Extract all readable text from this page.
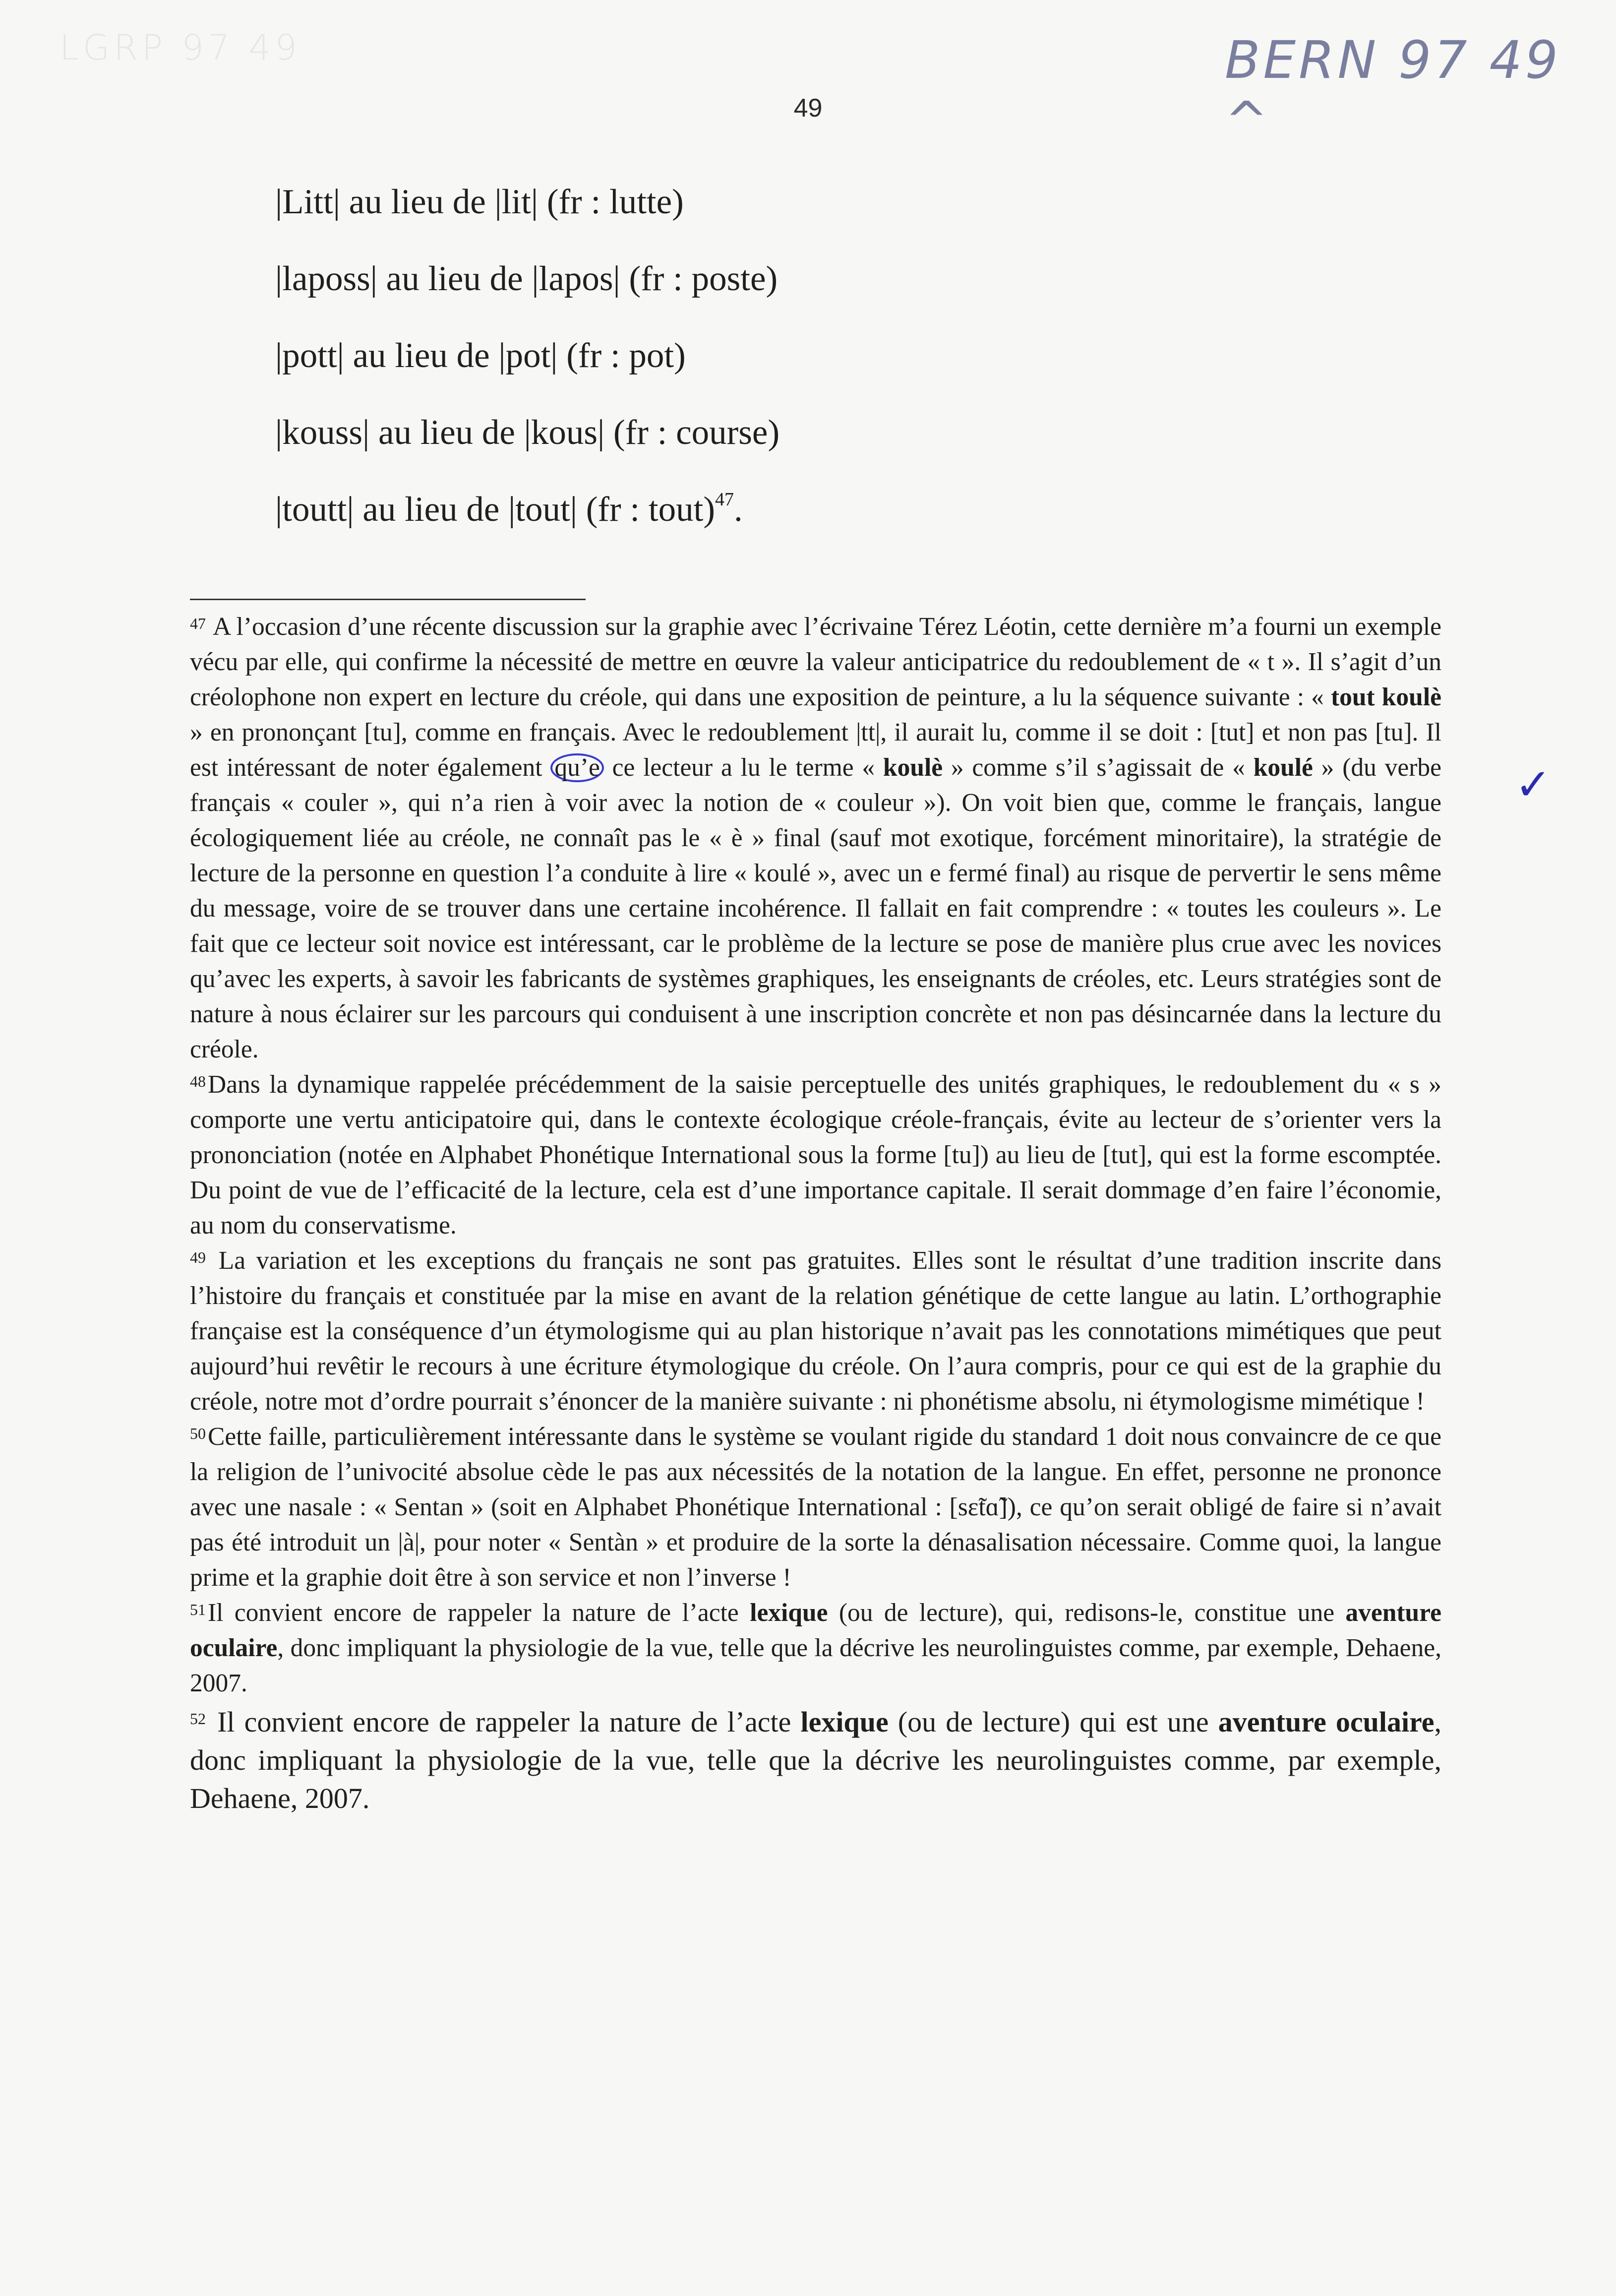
LGRP 97 49	BERN 97 49 ^
49
|Litt| au lieu de |lit| (fr : lutte)
|laposs| au lieu de |lapos| (fr : poste)
|pott| au lieu de |pot| (fr : pot)
|kouss| au lieu de |kous| (fr : course)
|toutt| au lieu de |tout| (fr : tout)$^{47}$.
✓

$^{47}$ A l’occasion d’une récente discussion sur la graphie avec l’écrivaine Térez Léotin, cette dernière m’a fourni un exemple vécu par elle, qui confirme la nécessité de mettre en œuvre la valeur anticipatrice du redoublement de « t ». Il s’agit d’un créolophone non expert en lecture du créole, qui dans une exposition de peinture, a lu la séquence suivante : « tout koulè » en prononçant [tu], comme en français. Avec le redoublement |tt|, il aurait lu, comme il se doit : [tut] et non pas [tu]. Il est intéressant de noter également qu’e ce lecteur a lu le terme « koulè » comme s’il s’agissait de « koulé » (du verbe français « couler », qui n’a rien à voir avec la notion de « couleur »). On voit bien que, comme le français, langue écologiquement liée au créole, ne connaît pas le « è » final (sauf mot exotique, forcément minoritaire), la stratégie de lecture de la personne en question l’a conduite à lire « koulé », avec un e fermé final) au risque de pervertir le sens même du message, voire de se trouver dans une certaine incohérence. Il fallait en fait comprendre : « toutes les couleurs ». Le fait que ce lecteur soit novice est intéressant, car le problème de la lecture se pose de manière plus crue avec les novices qu’avec les experts, à savoir les fabricants de systèmes graphiques, les enseignants de créoles, etc. Leurs stratégies sont de nature à nous éclairer sur les parcours qui conduisent à une inscription concrète et non pas désincarnée dans la lecture du créole.

$^{48}$Dans la dynamique rappelée précédemment de la saisie perceptuelle des unités graphiques, le redoublement du « s » comporte une vertu anticipatoire qui, dans le contexte écologique créole-français, évite au lecteur de s’orienter vers la prononciation (notée en Alphabet Phonétique International sous la forme [tu]) au lieu de [tut], qui est la forme escomptée. Du point de vue de l’efficacité de la lecture, cela est d’une importance capitale. Il serait dommage d’en faire l’économie, au nom du conservatisme.

$^{49}$ La variation et les exceptions du français ne sont pas gratuites. Elles sont le résultat d’une tradition inscrite dans l’histoire du français et constituée par la mise en avant de la relation génétique de cette langue au latin. L’orthographie française est la conséquence d’un étymologisme qui au plan historique n’avait pas les connotations mimétiques que peut aujourd’hui revêtir le recours à une écriture étymologique du créole. On l’aura compris, pour ce qui est de la graphie du créole, notre mot d’ordre pourrait s’énoncer de la manière suivante : ni phonétisme absolu, ni étymologisme mimétique !

$^{50}$Cette faille, particulièrement intéressante dans le système se voulant rigide du standard 1 doit nous convaincre de ce que la religion de l’univocité absolue cède le pas aux nécessités de la notation de la langue. En effet, personne ne prononce avec une nasale : « Sentan » (soit en Alphabet Phonétique International : [sɛ̃tɑ̃]), ce qu’on serait obligé de faire si n’avait pas été introduit un |à|, pour noter « Sentàn » et produire de la sorte la dénasalisation nécessaire. Comme quoi, la langue prime et la graphie doit être à son service et non l’inverse !

$^{51}$Il convient encore de rappeler la nature de l’acte lexique (ou de lecture), qui, redisons-le, constitue une aventure oculaire, donc impliquant la physiologie de la vue, telle que la décrive les neurolinguistes comme, par exemple, Dehaene, 2007.

$^{52}$ Il convient encore de rappeler la nature de l’acte lexique (ou de lecture) qui est une aventure oculaire, donc impliquant la physiologie de la vue, telle que la décrive les neurolinguistes comme, par exemple, Dehaene, 2007.
